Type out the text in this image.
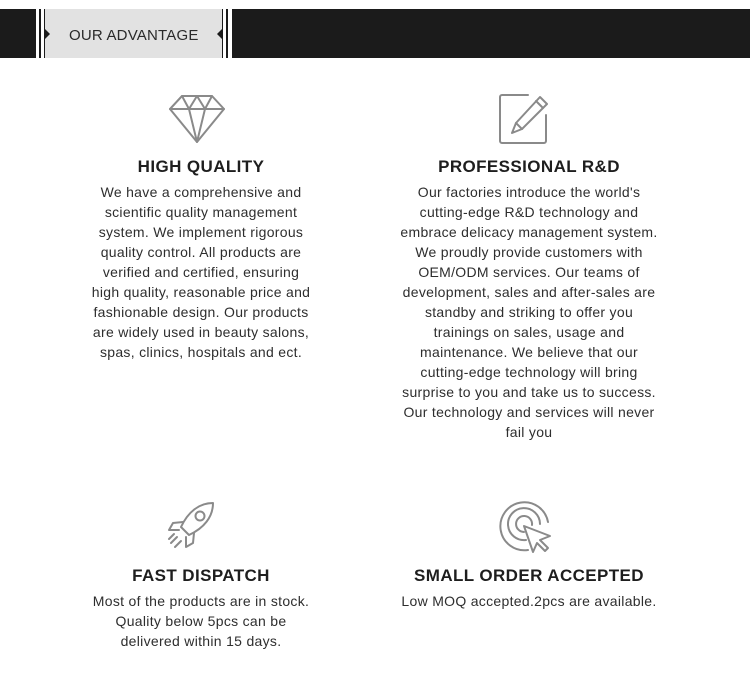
OUR ADVANTAGE
HIGH QUALITY

We have a comprehensive and scientific quality management system. We implement rigorous quality control. All products are verified and certified, ensuring high quality, reasonable price and fashionable design. Our products are widely used in beauty salons, spas, clinics, hospitals and ect.

PROFESSIONAL R&D

Our factories introduce the world's cutting-edge R&D technology and embrace delicacy management system. We proudly provide customers with OEM/ODM services. Our teams of development, sales and after-sales are standby and striking to offer you trainings on sales, usage and maintenance. We believe that our cutting-edge technology will bring surprise to you and take us to success. Our technology and services will never fail you

FAST DISPATCH

Most of the products are in stock. Quality below 5pcs can be delivered within 15 days.

SMALL ORDER ACCEPTED

Low MOQ accepted.2pcs are available.
